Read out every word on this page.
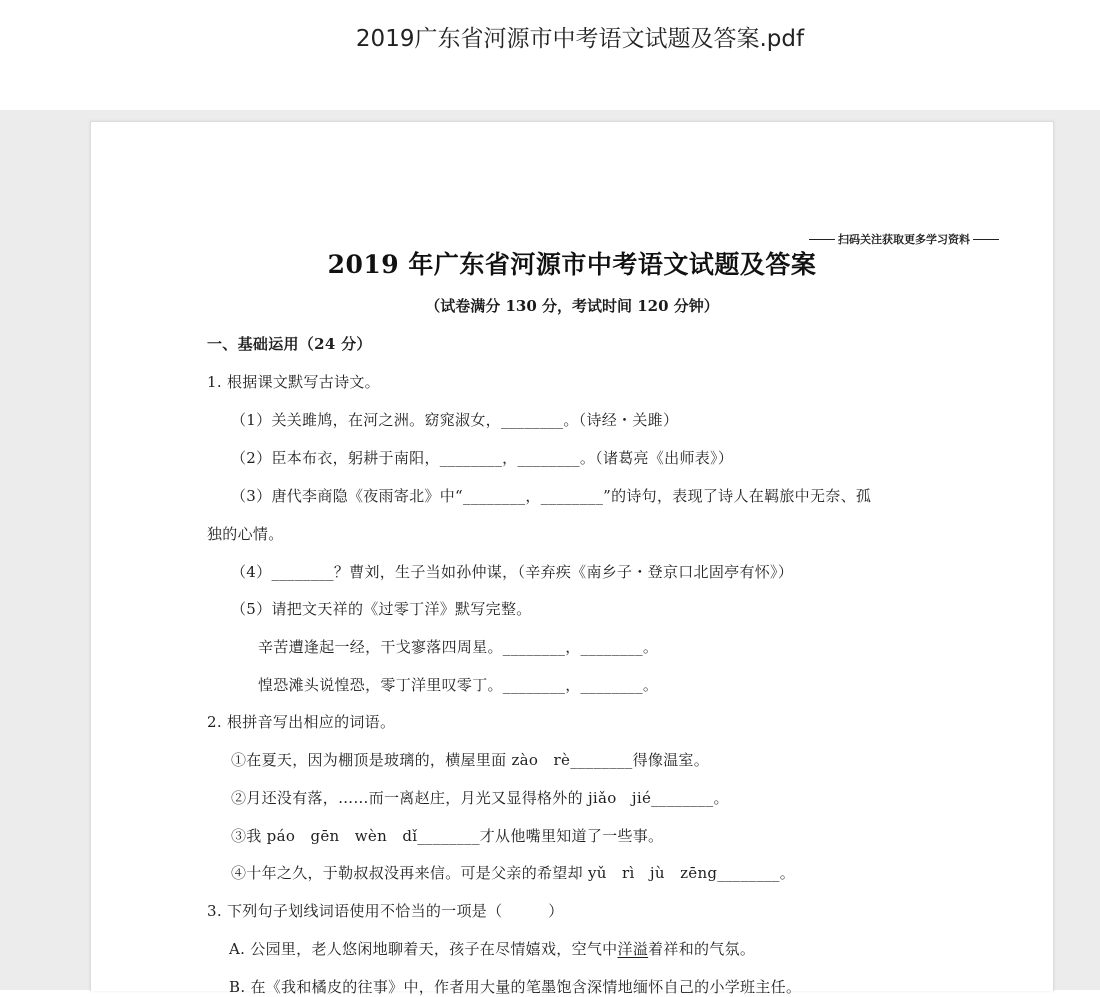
2019广东省河源市中考语文试题及答案.pdf
扫码关注获取更多学习资料
2019 年广东省河源市中考语文试题及答案
（试卷满分 130 分，考试时间 120 分钟）
一、基础运用（24 分）
1. 根据课文默写古诗文。
（1）关关雎鸠，在河之洲。窈窕淑女，________。（诗经・关雎）
（2）臣本布衣，躬耕于南阳，________，________。（诸葛亮《出师表》）
（3）唐代李商隐《夜雨寄北》中“________，________”的诗句，表现了诗人在羁旅中无奈、孤
独的心情。
（4）________？曹刘，生子当如孙仲谋，（辛弃疾《南乡子・登京口北固亭有怀》）
（5）请把文天祥的《过零丁洋》默写完整。
辛苦遭逢起一经，干戈寥落四周星。________，________。
惶恐滩头说惶恐，零丁洋里叹零丁。________，________。
2. 根拼音写出相应的词语。
①在夏天，因为棚顶是玻璃的，横屋里面 zào　rè________得像温室。
②月还没有落，……而一离赵庄，月光又显得格外的 jiǎo　jié________。
③我 páo　gēn　wèn　dǐ________才从他嘴里知道了一些事。
④十年之久，于勒叔叔没再来信。可是父亲的希望却 yǔ　rì　jù　zēng________。
3. 下列句子划线词语使用不恰当的一项是（　　　）
A. 公园里，老人悠闲地聊着天，孩子在尽情嬉戏，空气中洋溢着祥和的气氛。
B. 在《我和橘皮的往事》中，作者用大量的笔墨饱含深情地缅怀自己的小学班主任。
